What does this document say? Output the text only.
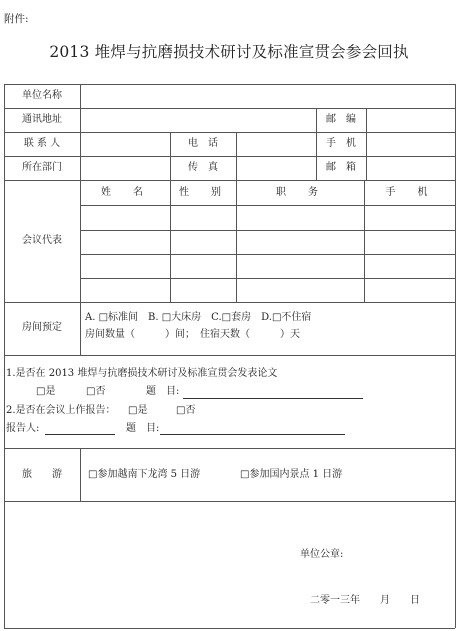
附件:
2013 堆焊与抗磨损技术研讨及标准宣贯会参会回执
单位名称
通讯地址	邮　编
联 系 人	电　话	手　机
所在部门	传　真	邮　箱
会议代表
姓　名	性　别	职　务	手　机
房间预定
A. □标准间　B. □大床房　C.□套房　D.□不住宿
房间数量（　　　）间；　住宿天数（　　　）天
1.是否在 2013 堆焊与抗磨损技术研讨及标准宣贯会发表论文
□是	□否	题　目:
2.是否在会议上作报告： □是	□否
报告人:	题　目:
旅　　游	□参加越南下龙湾 5 日游	□参加国内景点 1 日游
单位公章:
二零一三年　　月　　日
